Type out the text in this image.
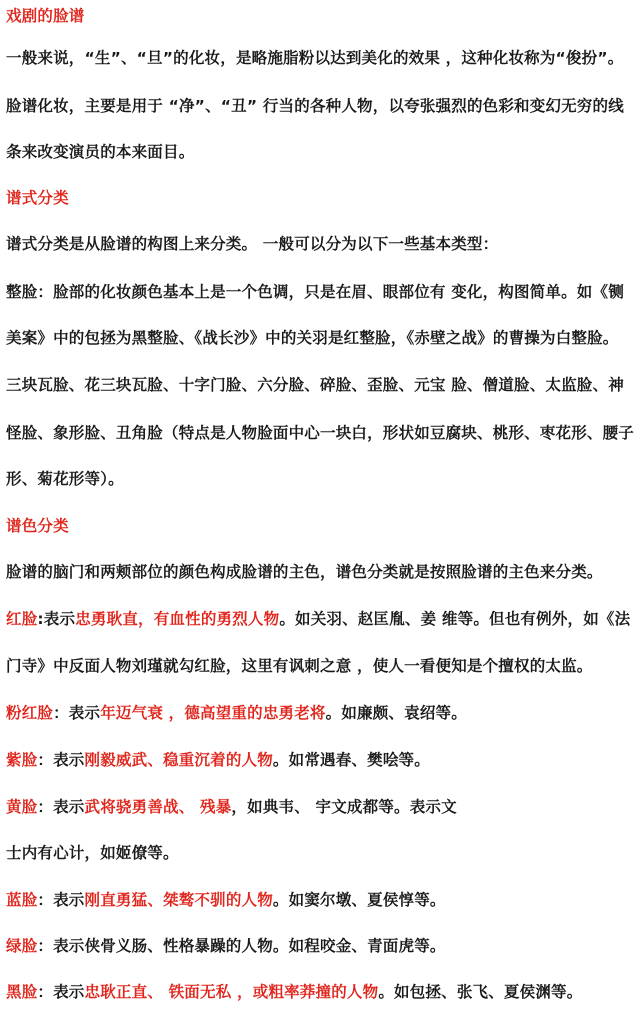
戏剧的脸谱
一般来说，“生”、“旦”的化妆，是略施脂粉以达到美化的效果 ，这种化妆称为“俊扮”。
脸谱化妆，主要是用于 “净”、“丑” 行当的各种人物，以夸张强烈的色彩和变幻无穷的线
条来改变演员的本来面目。
谱式分类
谱式分类是从脸谱的构图上来分类。 一般可以分为以下一些基本类型：
整脸：脸部的化妆颜色基本上是一个色调，只是在眉、眼部位有 变化，构图简单。如《铡
美案》中的包拯为黑整脸、《战长沙》中的关羽是红整脸，《赤壁之战》的曹操为白整脸。
三块瓦脸、花三块瓦脸、十字门脸、六分脸、碎脸、歪脸、元宝 脸、僧道脸、太监脸、神
怪脸、象形脸、丑角脸（特点是人物脸面中心一块白，形状如豆腐块、桃形、枣花形、腰子
形、菊花形等）。
谱色分类
脸谱的脑门和两颊部位的颜色构成脸谱的主色，谱色分类就是按照脸谱的主色来分类。
红脸:表示忠勇耿直，有血性的勇烈人物。如关羽、赵匡胤、姜 维等。但也有例外，如《法
门寺》中反面人物刘瑾就勾红脸，这里有讽刺之意 ，使人一看便知是个擅权的太监。
粉红脸：表示年迈气衰 ，德高望重的忠勇老将。如廉颇、袁绍等。
紫脸：表示刚毅威武、稳重沉着的人物。如常遇春、樊哙等。
黄脸：表示武将骁勇善战、 残暴，如典韦、 宇文成都等。表示文
士内有心计，如姬僚等。
蓝脸：表示刚直勇猛、桀骜不驯的人物。如窦尔墩、夏侯惇等。
绿脸：表示侠骨义肠、性格暴躁的人物。如程咬金、青面虎等。
黑脸：表示忠耿正直、 铁面无私 ，或粗率莽撞的人物。如包拯、张飞、夏侯渊等。
